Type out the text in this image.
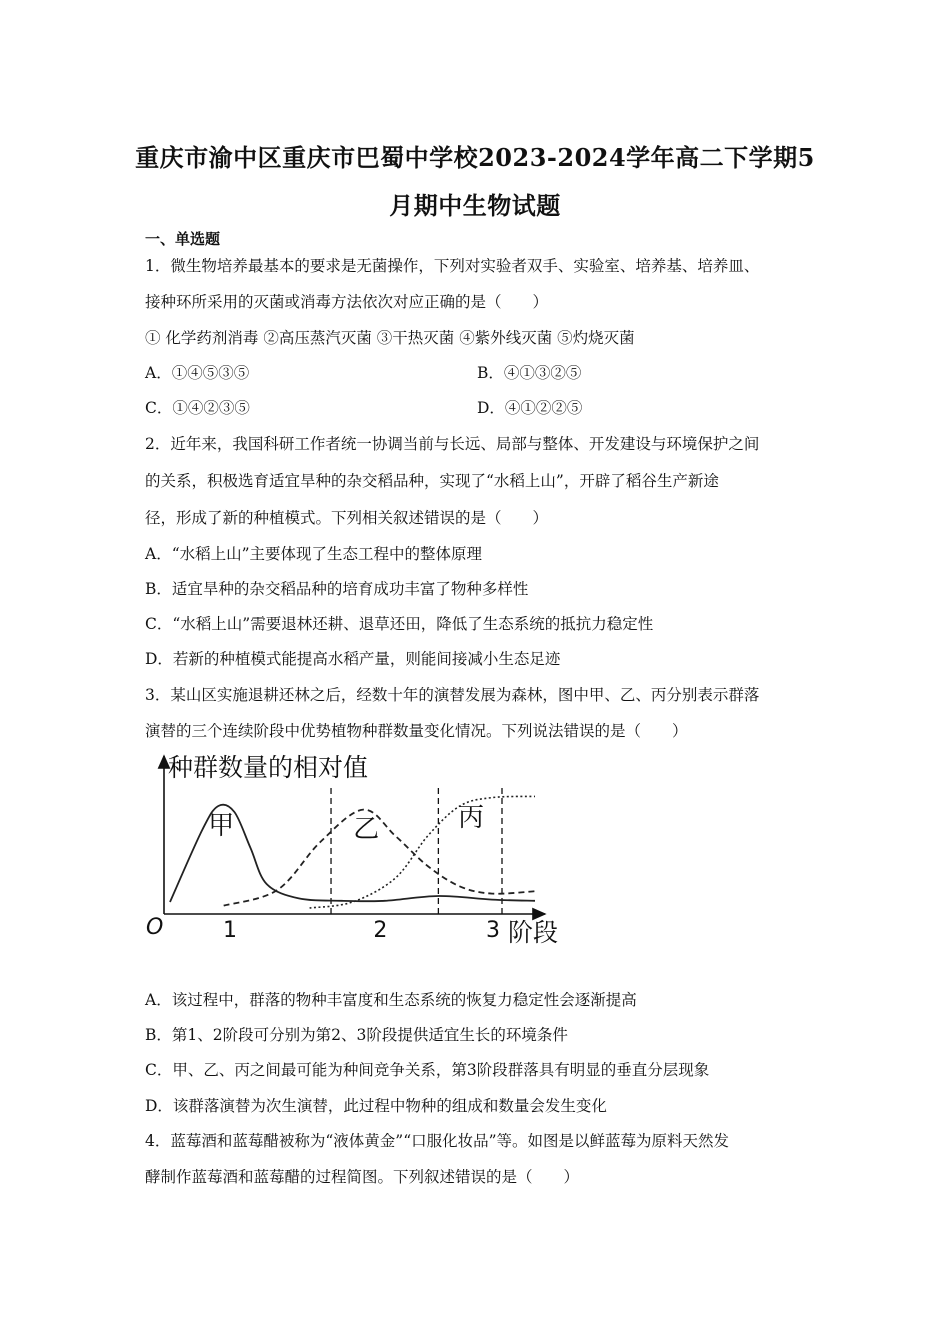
重庆市渝中区重庆市巴蜀中学校2023-2024学年高二下学期5
月期中生物试题
一、单选题
1．微生物培养最基本的要求是无菌操作，下列对实验者双手、实验室、培养基、培养皿、
接种环所采用的灭菌或消毒方法依次对应正确的是（　　）
① 化学药剂消毒 ②高压蒸汽灭菌 ③干热灭菌 ④紫外线灭菌 ⑤灼烧灭菌
A．①④⑤③⑤	B．④①③②⑤
C．①④②③⑤	D．④①②②⑤
2．近年来，我国科研工作者统一协调当前与长远、局部与整体、开发建设与环境保护之间
的关系，积极选育适宜旱种的杂交稻品种，实现了“水稻上山”，开辟了稻谷生产新途
径，形成了新的种植模式。下列相关叙述错误的是（　　）
A．“水稻上山”主要体现了生态工程中的整体原理
B．适宜旱种的杂交稻品种的培育成功丰富了物种多样性
C．“水稻上山”需要退林还耕、退草还田，降低了生态系统的抵抗力稳定性
D．若新的种植模式能提高水稻产量，则能间接减小生态足迹
3．某山区实施退耕还林之后，经数十年的演替发展为森林，图中甲、乙、丙分别表示群落
演替的三个连续阶段中优势植物种群数量变化情况。下列说法错误的是（　　）
种群数量的相对值
阶段
O	1	2	3
甲	乙	丙
A．该过程中，群落的物种丰富度和生态系统的恢复力稳定性会逐渐提高
B．第1、2阶段可分别为第2、3阶段提供适宜生长的环境条件
C．甲、乙、丙之间最可能为种间竞争关系，第3阶段群落具有明显的垂直分层现象
D．该群落演替为次生演替，此过程中物种的组成和数量会发生变化
4．蓝莓酒和蓝莓醋被称为“液体黄金”“口服化妆品”等。如图是以鲜蓝莓为原料天然发
酵制作蓝莓酒和蓝莓醋的过程简图。下列叙述错误的是（　　）
